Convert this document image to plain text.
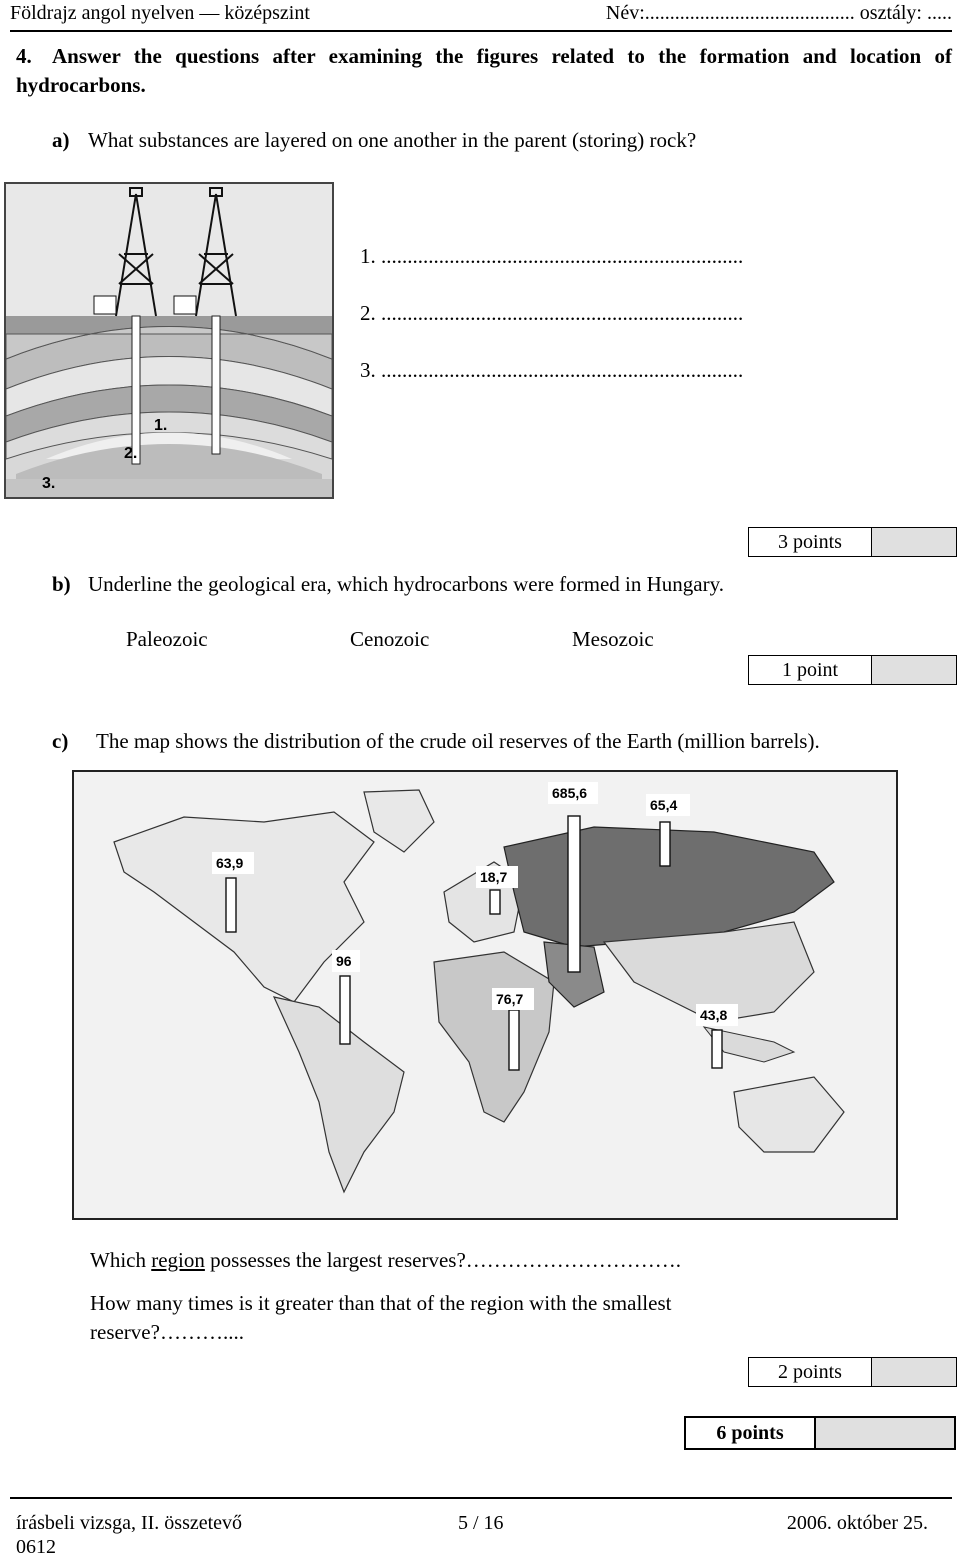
Földrajz angol nyelven — középszint	Név:.......................................... osztály: .....
4. Answer the questions after examining the figures related to the formation and location of hydrocarbons.
a) What substances are layered on one another in the parent (storing) rock?
1.
2.
3.
1. .....................................................................
2. .....................................................................
3. .....................................................................
3 points
b) Underline the geological era, which hydrocarbons were formed in Hungary.
Paleozoic	Cenozoic	Mesozoic
1 point
c) The map shows the distribution of the crude oil reserves of the Earth (million barrels).
685,6
65,4
63,9
18,7
96
76,7
43,8
Which region possesses the largest reserves?………………………….
How many times is it greater than that of the region with the smallest reserve?………....
2 points
6 points
írásbeli vizsga, II. összetevő
0612
5 / 16	2006. október 25.
